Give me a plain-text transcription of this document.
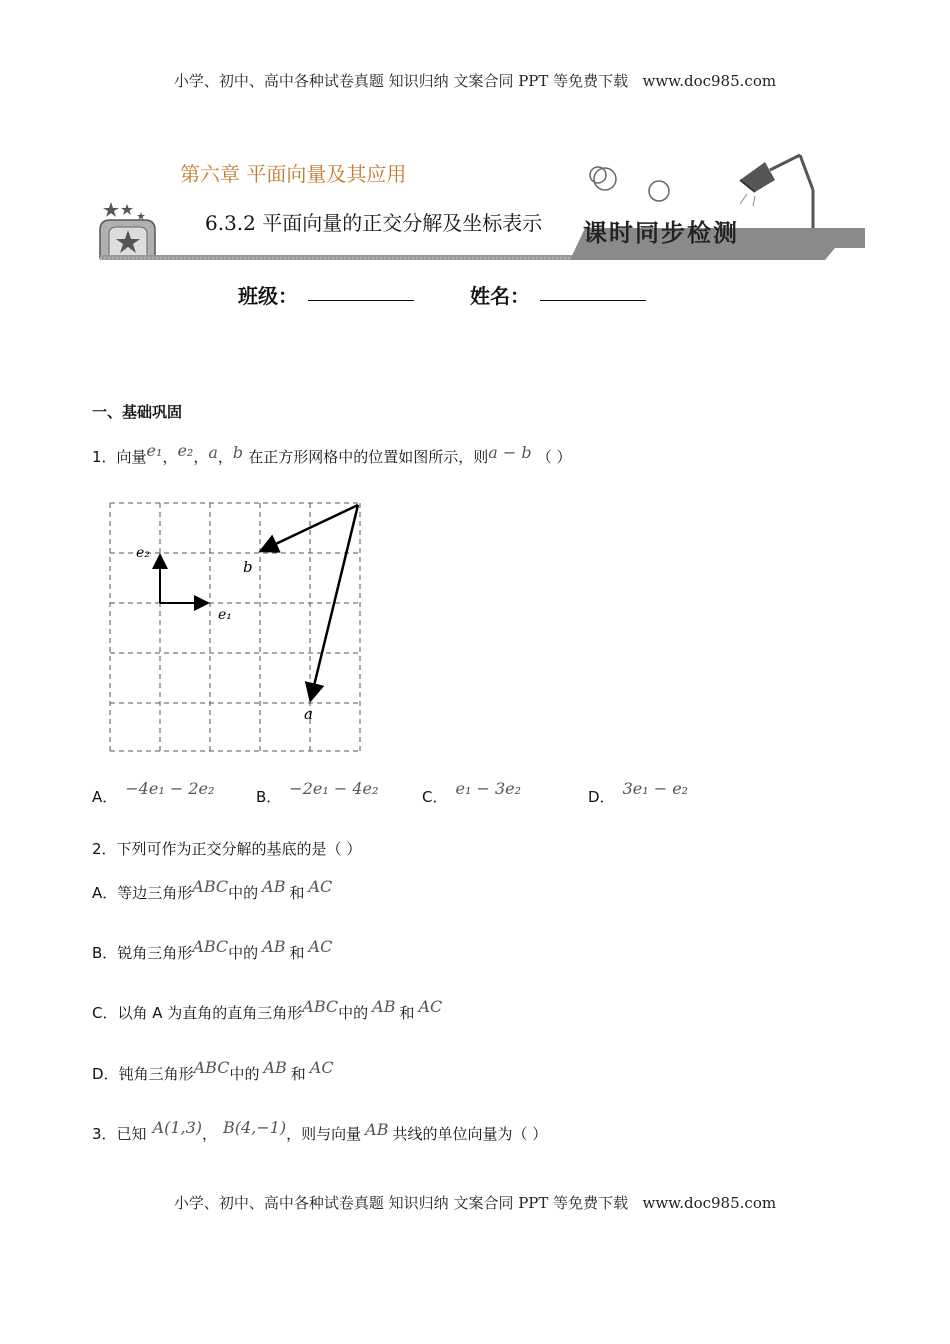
小学、初中、高中各种试卷真题 知识归纳 文案合同 PPT 等免费下载   www.doc985.com
第六章 平面向量及其应用
6.3.2 平面向量的正交分解及坐标表示 课时同步检测
班级：	姓名：
一、基础巩固
1．向量e₁，e₂，a，b 在正方形网格中的位置如图所示，则a − b （ ）
e₂
e₁
b
a
A． −4e₁ − 2e₂	B． −2e₁ − 4e₂	C． e₁ − 3e₂	D． 3e₁ − e₂
2．下列可作为正交分解的基底的是（ ）
A．等边三角形ABC中的 AB 和 AC
B．锐角三角形ABC中的 AB 和 AC
C．以角 A 为直角的直角三角形ABC中的 AB 和 AC
D．钝角三角形ABC中的 AB 和 AC
3．已知 A(1,3)， B(4,−1)，则与向量 AB 共线的单位向量为（ ）
小学、初中、高中各种试卷真题 知识归纳 文案合同 PPT 等免费下载   www.doc985.com
